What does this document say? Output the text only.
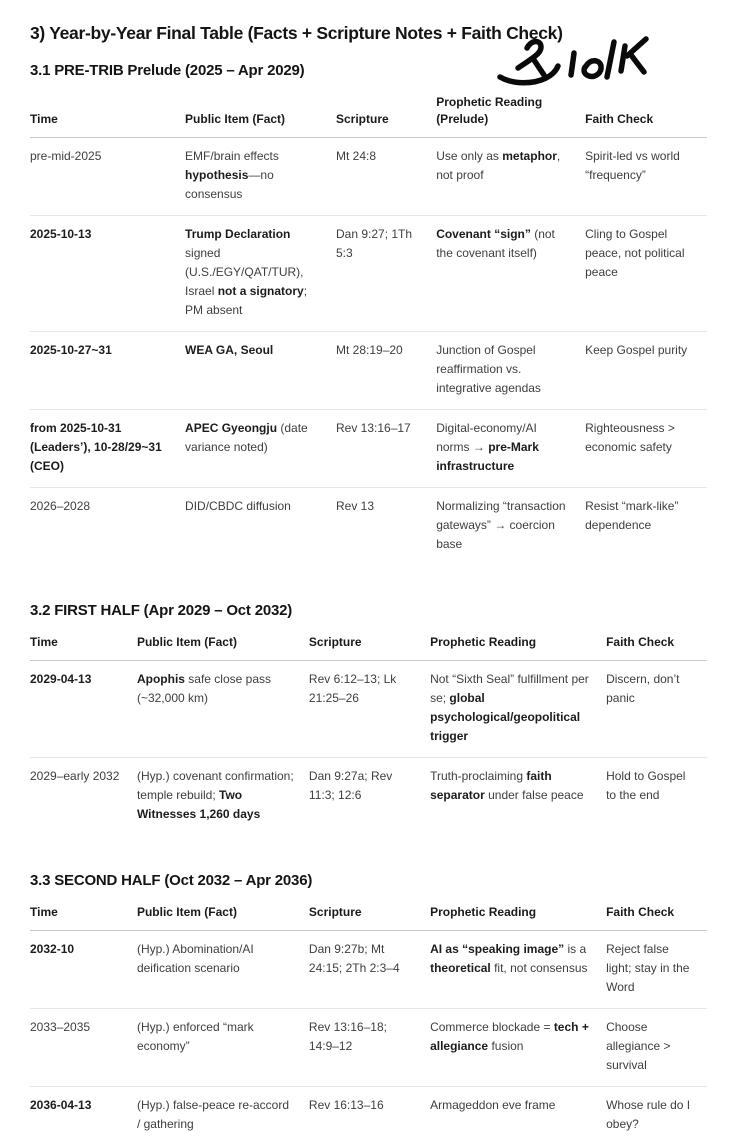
3) Year-by-Year Final Table (Facts + Scripture Notes + Faith Check)
3.1 PRE-TRIB Prelude (2025 – Apr 2029)
Time	Public Item (Fact)	Scripture	Prophetic Reading (Prelude)	Faith Check
pre-mid-2025	EMF/brain effects hypothesis—no consensus	Mt 24:8	Use only as metaphor, not proof	Spirit-led vs world “frequency”
2025-10-13	Trump Declaration signed (U.S./EGY/QAT/TUR), Israel not a signatory; PM absent	Dan 9:27; 1Th 5:3	Covenant “sign” (not the covenant itself)	Cling to Gospel peace, not political peace
2025-10-27~31	WEA GA, Seoul	Mt 28:19–20	Junction of Gospel reaffirmation vs. integrative agendas	Keep Gospel purity
from 2025-10-31 (Leaders’), 10-28/29~31 (CEO)	APEC Gyeongju (date variance noted)	Rev 13:16–17	Digital-economy/AI norms → pre-Mark infrastructure	Righteousness > economic safety
2026–2028	DID/CBDC diffusion	Rev 13	Normalizing “transaction gateways” → coercion base	Resist “mark-like” dependence
3.2 FIRST HALF (Apr 2029 – Oct 2032)
Time	Public Item (Fact)	Scripture	Prophetic Reading	Faith Check
2029-04-13	Apophis safe close pass (~32,000 km)	Rev 6:12–13; Lk 21:25–26	Not “Sixth Seal” fulfillment per se; global psychological/geopolitical trigger	Discern, don’t panic
2029–early 2032	(Hyp.) covenant confirmation; temple rebuild; Two Witnesses 1,260 days	Dan 9:27a; Rev 11:3; 12:6	Truth-proclaiming faith separator under false peace	Hold to Gospel to the end
3.3 SECOND HALF (Oct 2032 – Apr 2036)
Time	Public Item (Fact)	Scripture	Prophetic Reading	Faith Check
2032-10	(Hyp.) Abomination/AI deification scenario	Dan 9:27b; Mt 24:15; 2Th 2:3–4	AI as “speaking image” is a theoretical fit, not consensus	Reject false light; stay in the Word
2033–2035	(Hyp.) enforced “mark economy”	Rev 13:16–18; 14:9–12	Commerce blockade = tech + allegiance fusion	Choose allegiance > survival
2036-04-13	(Hyp.) false-peace re-accord / gathering	Rev 16:13–16	Armageddon eve frame	Whose rule do I obey?
